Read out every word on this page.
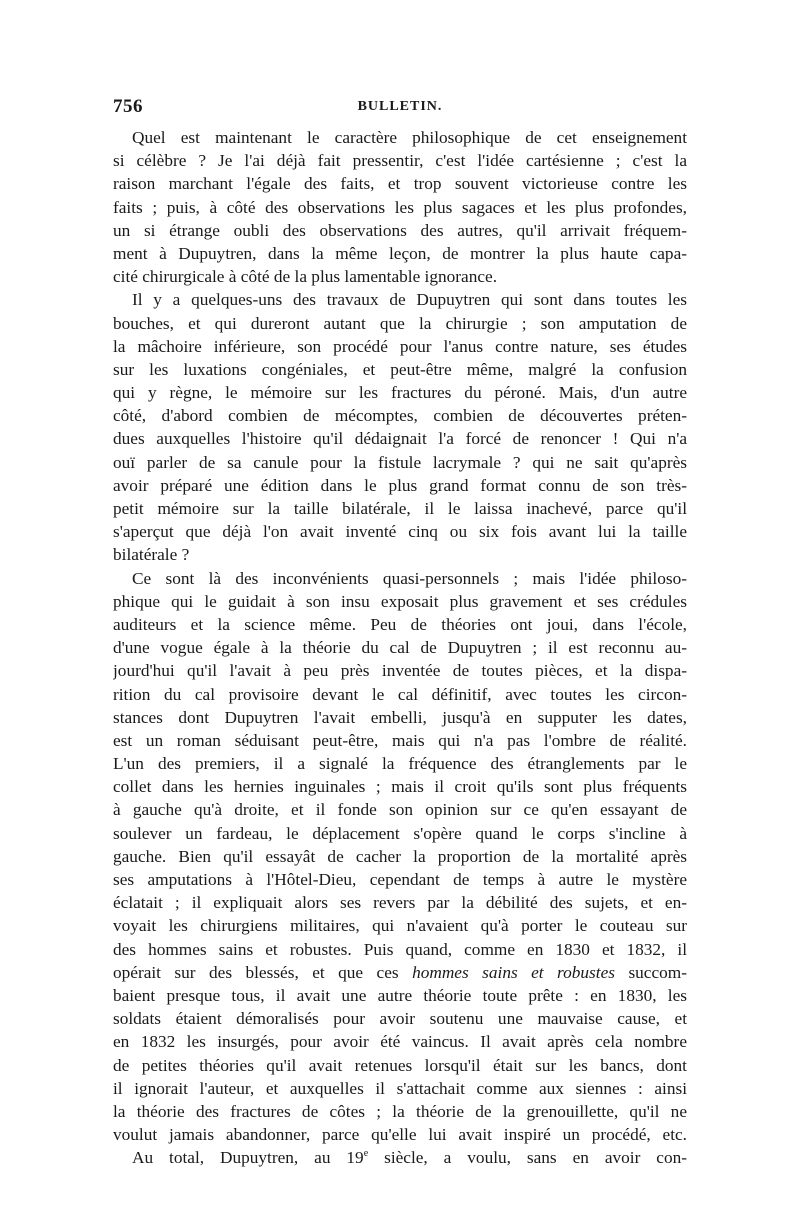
756	BULLETIN.
Quel est maintenant le caractère philosophique de cet enseignement
si célèbre ? Je l'ai déjà fait pressentir, c'est l'idée cartésienne ; c'est la
raison marchant l'égale des faits, et trop souvent victorieuse contre les
faits ; puis, à côté des observations les plus sagaces et les plus profondes,
un si étrange oubli des observations des autres, qu'il arrivait fréquem-
ment à Dupuytren, dans la même leçon, de montrer la plus haute capa-
cité chirurgicale à côté de la plus lamentable ignorance.
Il y a quelques-uns des travaux de Dupuytren qui sont dans toutes les
bouches, et qui dureront autant que la chirurgie ; son amputation de
la mâchoire inférieure, son procédé pour l'anus contre nature, ses études
sur les luxations congéniales, et peut-être même, malgré la confusion
qui y règne, le mémoire sur les fractures du péroné. Mais, d'un autre
côté, d'abord combien de mécomptes, combien de découvertes préten-
dues auxquelles l'histoire qu'il dédaignait l'a forcé de renoncer ! Qui n'a
ouï parler de sa canule pour la fistule lacrymale ? qui ne sait qu'après
avoir préparé une édition dans le plus grand format connu de son très-
petit mémoire sur la taille bilatérale, il le laissa inachevé, parce qu'il
s'aperçut que déjà l'on avait inventé cinq ou six fois avant lui la taille
bilatérale ?
Ce sont là des inconvénients quasi-personnels ; mais l'idée philoso-
phique qui le guidait à son insu exposait plus gravement et ses crédules
auditeurs et la science même. Peu de théories ont joui, dans l'école,
d'une vogue égale à la théorie du cal de Dupuytren ; il est reconnu au-
jourd'hui qu'il l'avait à peu près inventée de toutes pièces, et la dispa-
rition du cal provisoire devant le cal définitif, avec toutes les circon-
stances dont Dupuytren l'avait embelli, jusqu'à en supputer les dates,
est un roman séduisant peut-être, mais qui n'a pas l'ombre de réalité.
L'un des premiers, il a signalé la fréquence des étranglements par le
collet dans les hernies inguinales ; mais il croit qu'ils sont plus fréquents
à gauche qu'à droite, et il fonde son opinion sur ce qu'en essayant de
soulever un fardeau, le déplacement s'opère quand le corps s'incline à
gauche. Bien qu'il essayât de cacher la proportion de la mortalité après
ses amputations à l'Hôtel-Dieu, cependant de temps à autre le mystère
éclatait ; il expliquait alors ses revers par la débilité des sujets, et en-
voyait les chirurgiens militaires, qui n'avaient qu'à porter le couteau sur
des hommes sains et robustes. Puis quand, comme en 1830 et 1832, il
opérait sur des blessés, et que ces hommes sains et robustes succom-
baient presque tous, il avait une autre théorie toute prête : en 1830, les
soldats étaient démoralisés pour avoir soutenu une mauvaise cause, et
en 1832 les insurgés, pour avoir été vaincus. Il avait après cela nombre
de petites théories qu'il avait retenues lorsqu'il était sur les bancs, dont
il ignorait l'auteur, et auxquelles il s'attachait comme aux siennes : ainsi
la théorie des fractures de côtes ; la théorie de la grenouillette, qu'il ne
voulut jamais abandonner, parce qu'elle lui avait inspiré un procédé, etc.
Au total, Dupuytren, au 19e siècle, a voulu, sans en avoir con-
